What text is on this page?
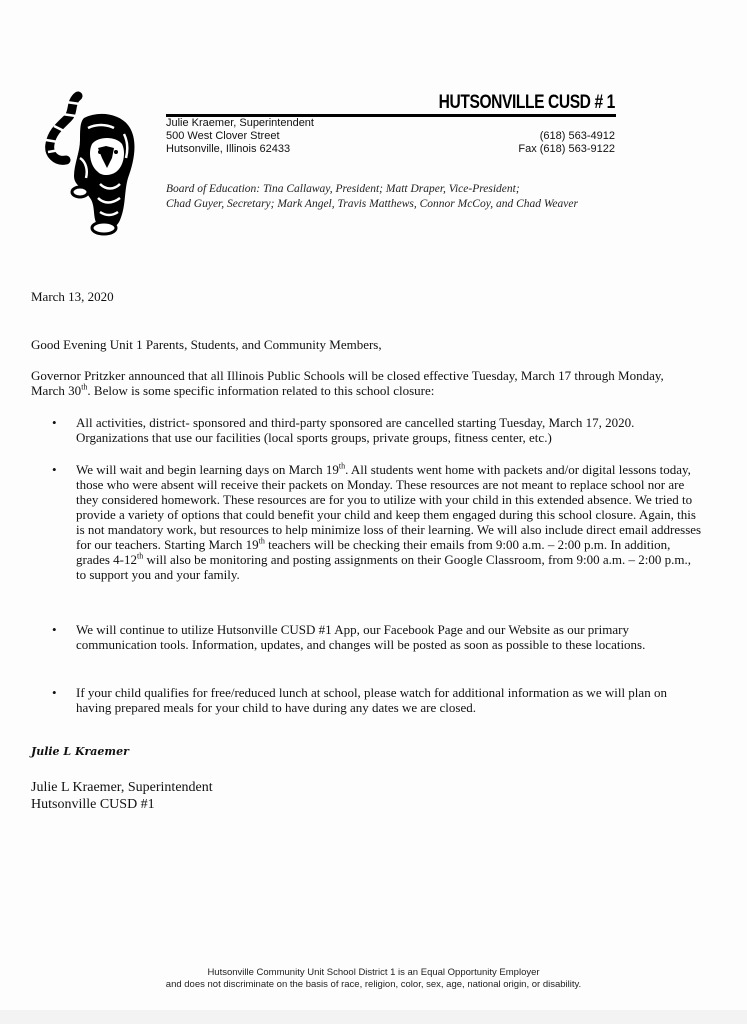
HUTSONVILLE CUSD # 1
Julie Kraemer, Superintendent
500 West Clover Street
Hutsonville, Illinois 62433
(618) 563-4912
Fax (618) 563-9122
Board of Education: Tina Callaway, President; Matt Draper, Vice-President;
Chad Guyer, Secretary; Mark Angel, Travis Matthews, Connor McCoy, and Chad Weaver
March 13, 2020
Good Evening Unit 1 Parents, Students, and Community Members,
Governor Pritzker announced that all Illinois Public Schools will be closed effective Tuesday, March 17 through Monday, March 30th. Below is some specific information related to this school closure:
• All activities, district- sponsored and third-party sponsored are cancelled starting Tuesday, March 17, 2020. Organizations that use our facilities (local sports groups, private groups, fitness center, etc.)
• We will wait and begin learning days on March 19th. All students went home with packets and/or digital lessons today, those who were absent will receive their packets on Monday. These resources are not meant to replace school nor are they considered homework. These resources are for you to utilize with your child in this extended absence. We tried to provide a variety of options that could benefit your child and keep them engaged during this school closure. Again, this is not mandatory work, but resources to help minimize loss of their learning. We will also include direct email addresses for our teachers. Starting March 19th teachers will be checking their emails from 9:00 a.m. – 2:00 p.m. In addition, grades 4-12th will also be monitoring and posting assignments on their Google Classroom, from 9:00 a.m. – 2:00 p.m., to support you and your family.
• We will continue to utilize Hutsonville CUSD #1 App, our Facebook Page and our Website as our primary communication tools. Information, updates, and changes will be posted as soon as possible to these locations.
• If your child qualifies for free/reduced lunch at school, please watch for additional information as we will plan on having prepared meals for your child to have during any dates we are closed.
Julie L Kraemer
Julie L Kraemer, Superintendent
Hutsonville CUSD #1
Hutsonville Community Unit School District 1 is an Equal Opportunity Employer
and does not discriminate on the basis of race, religion, color, sex, age, national origin, or disability.
